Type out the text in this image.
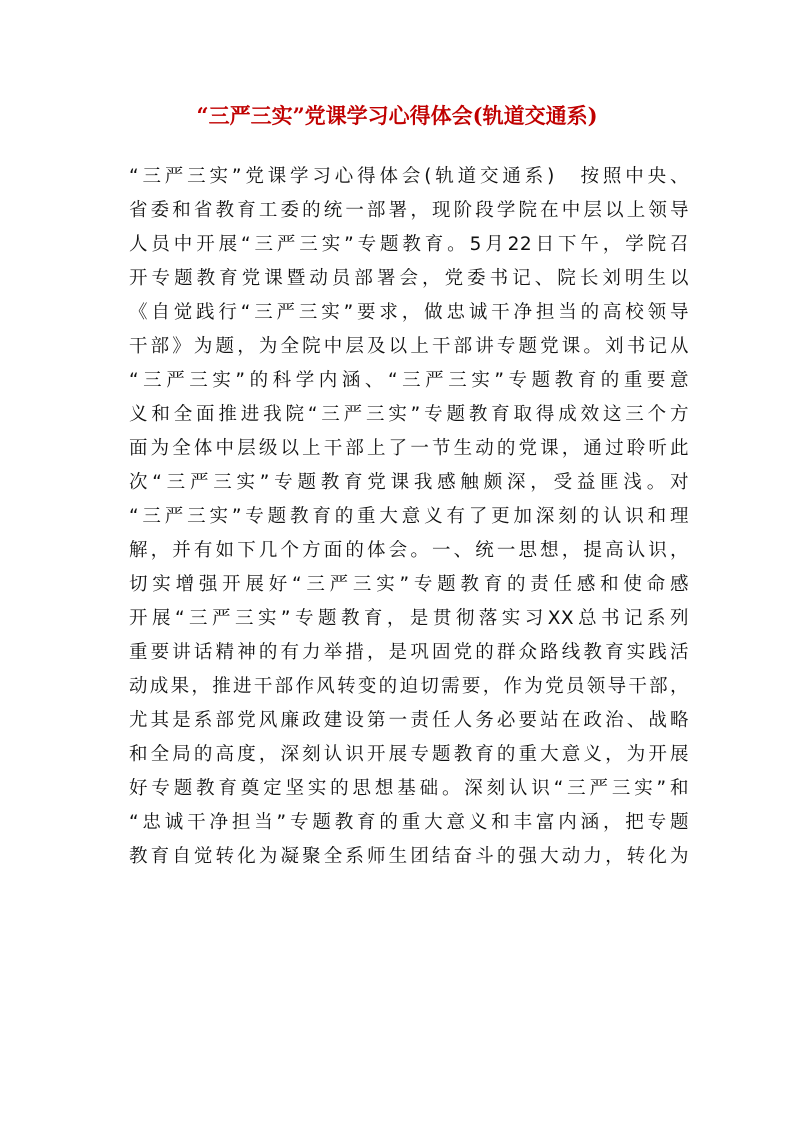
“三严三实”党课学习心得体会(轨道交通系)
“三严三实”党课学习心得体会(轨道交通系)　按照中央、
省委和省教育工委的统一部署，现阶段学院在中层以上领导
人员中开展“三严三实”专题教育。5月22日下午，学院召
开专题教育党课暨动员部署会，党委书记、院长刘明生以
《自觉践行“三严三实”要求，做忠诚干净担当的高校领导
干部》为题，为全院中层及以上干部讲专题党课。刘书记从
“三严三实”的科学内涵、“三严三实”专题教育的重要意
义和全面推进我院“三严三实”专题教育取得成效这三个方
面为全体中层级以上干部上了一节生动的党课，通过聆听此
次“三严三实”专题教育党课我感触颇深，受益匪浅。对
“三严三实”专题教育的重大意义有了更加深刻的认识和理
解，并有如下几个方面的体会。一、统一思想，提高认识，
切实增强开展好“三严三实”专题教育的责任感和使命感
开展“三严三实”专题教育，是贯彻落实习XX总书记系列
重要讲话精神的有力举措，是巩固党的群众路线教育实践活
动成果，推进干部作风转变的迫切需要，作为党员领导干部，
尤其是系部党风廉政建设第一责任人务必要站在政治、战略
和全局的高度，深刻认识开展专题教育的重大意义，为开展
好专题教育奠定坚实的思想基础。深刻认识“三严三实”和
“忠诚干净担当”专题教育的重大意义和丰富内涵，把专题
教育自觉转化为凝聚全系师生团结奋斗的强大动力，转化为
